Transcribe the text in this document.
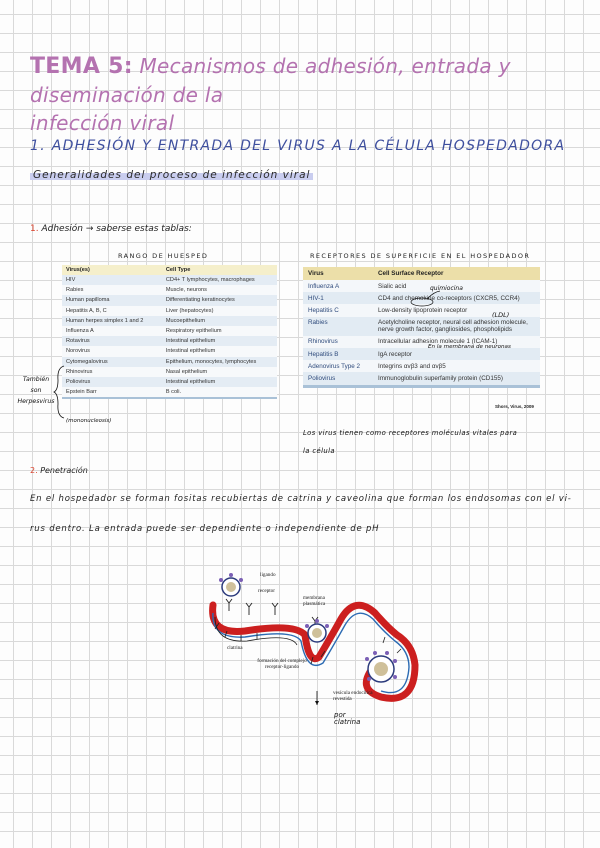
TEMA 5: Mecanismos de adhesión, entrada y diseminación de la
infección viral
1. ADHESIÓN Y ENTRADA DEL VIRUS A LA CÉLULA HOSPEDADORA
Generalidades del proceso de infección viral
1. Adhesión → saberse estas tablas:
RANGO DE HUESPED	RECEPTORES DE SUPERFICIE EN EL HOSPEDADOR
Virus(es)	Cell Type
HIV	CD4+ T lymphocytes, macrophages
Rabies	Muscle, neurons
Human papilloma	Differentiating keratinocytes
Hepatitis A, B, C	Liver (hepatocytes)
Human herpes simplex 1 and 2	Mucoepithelium
Influenza A	Respiratory epithelium
Rotavirus	Intestinal epithelium
Norovirus	Intestinal epithelium
Cytomegalovirus	Epithelium, monocytes, lymphocytes
Rhinovirus	Nasal epithelium
Poliovirus	Intestinal epithelium
Epstein Barr	B coli.

Virus	Cell Surface Receptor
Influenza A	Sialic acid
HIV-1	CD4 and chemokine co-receptors (CXCR5, CCR4)
Hepatitis C	Low-density lipoprotein receptor
Rabies	Acetylcholine receptor, neural cell adhesion molecule, nerve growth factor, gangliosides, phospholipids
Rhinovirus	Intracellular adhesion molecule 1 (ICAM-1)
Hepatitis B	IgA receptor
Adenovirus Type 2	Integrins αvβ3 and αvβ5
Poliovirus	Immunoglobulin superfamily protein (CD155)

Shors, Virus, 2009
quimiocina
(LDL)
En la membrana de neuronas
También
son
Herpesvirus
(mononucleosis)
Los virus tienen como receptores moléculas vitales para
la célula
2. Penetración
En el hospedador se forman fositas recubiertas de catrina y caveolina que forman los endosomas con el vi-
rus dentro. La entrada puede ser dependiente o independiente de pH
ligando
receptor
membrana plasmática
clatrina
formación del complejo receptor-ligando
vesícula endocítica revestida
por
clatrina
